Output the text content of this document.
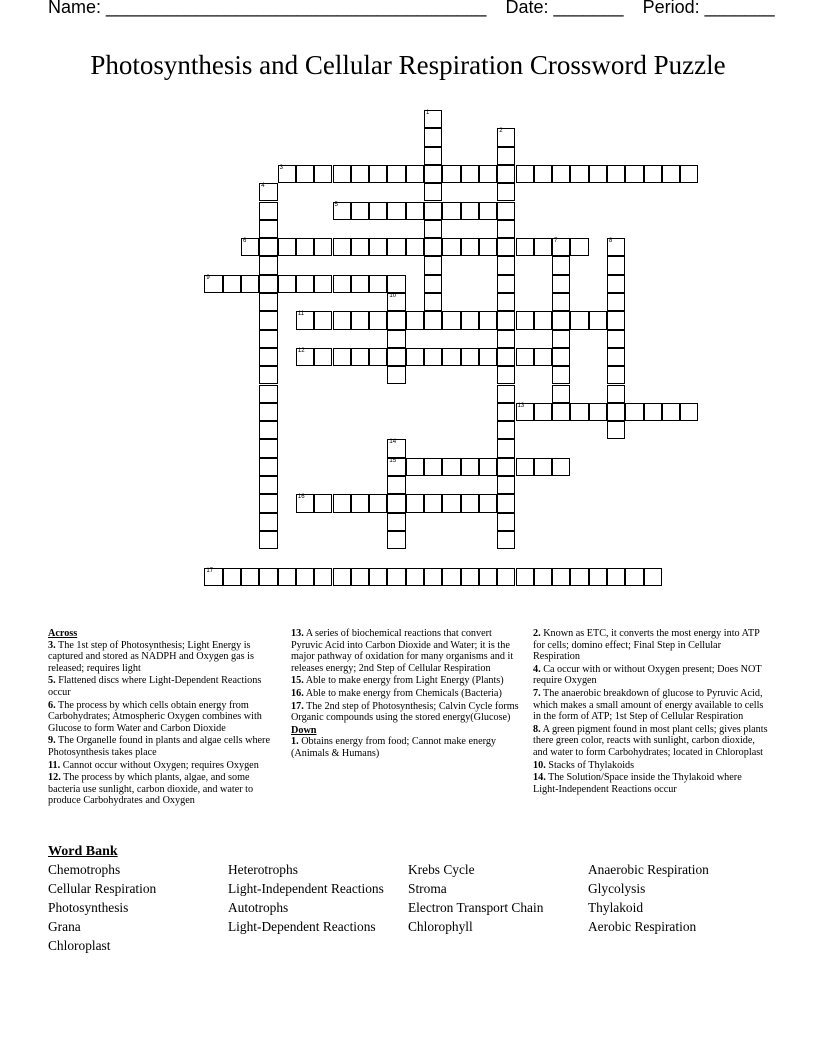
Name: ______________________________________ Date: _______ Period: _______
Photosynthesis and Cellular Respiration Crossword Puzzle
1
2
3
4
5
6	7	8
9
10
11
12
13
14
15
16
17
Across
3. The 1st step of Photosynthesis; Light Energy is captured and stored as NADPH and Oxygen gas is released; requires light
5. Flattened discs where Light-Dependent Reactions occur
6. The process by which cells obtain energy from Carbohydrates; Atmospheric Oxygen combines with Glucose to form Water and Carbon Dioxide
9. The Organelle found in plants and algae cells where Photosynthesis takes place
11. Cannot occur without Oxygen; requires Oxygen
12. The process by which plants, algae, and some bacteria use sunlight, carbon dioxide, and water to produce Carbohydrates and Oxygen
13. A series of biochemical reactions that convert Pyruvic Acid into Carbon Dioxide and Water; it is the major pathway of oxidation for many organisms and it releases energy; 2nd Step of Cellular Respiration
15. Able to make energy from Light Energy (Plants)
16. Able to make energy from Chemicals (Bacteria)
17. The 2nd step of Photosynthesis; Calvin Cycle forms Organic compounds using the stored energy(Glucose)
Down
1. Obtains energy from food; Cannot make energy (Animals & Humans)
2. Known as ETC, it converts the most energy into ATP for cells; domino effect; Final Step in Cellular Respiration
4. Ca occur with or without Oxygen present; Does NOT require Oxygen
7. The anaerobic breakdown of glucose to Pyruvic Acid, which makes a small amount of energy available to cells in the form of ATP; 1st Step of Cellular Respiration
8. A green pigment found in most plant cells; gives plants there green color, reacts with sunlight, carbon dioxide, and water to form Carbohydrates; located in Chloroplast
10. Stacks of Thylakoids
14. The Solution/Space inside the Thylakoid where Light-Independent Reactions occur
Word Bank
Chemotrophs
Cellular Respiration
Photosynthesis
Grana
Chloroplast
Heterotrophs
Light-Independent Reactions
Autotrophs
Light-Dependent Reactions
Krebs Cycle
Stroma
Electron Transport Chain
Chlorophyll
Anaerobic Respiration
Glycolysis
Thylakoid
Aerobic Respiration
